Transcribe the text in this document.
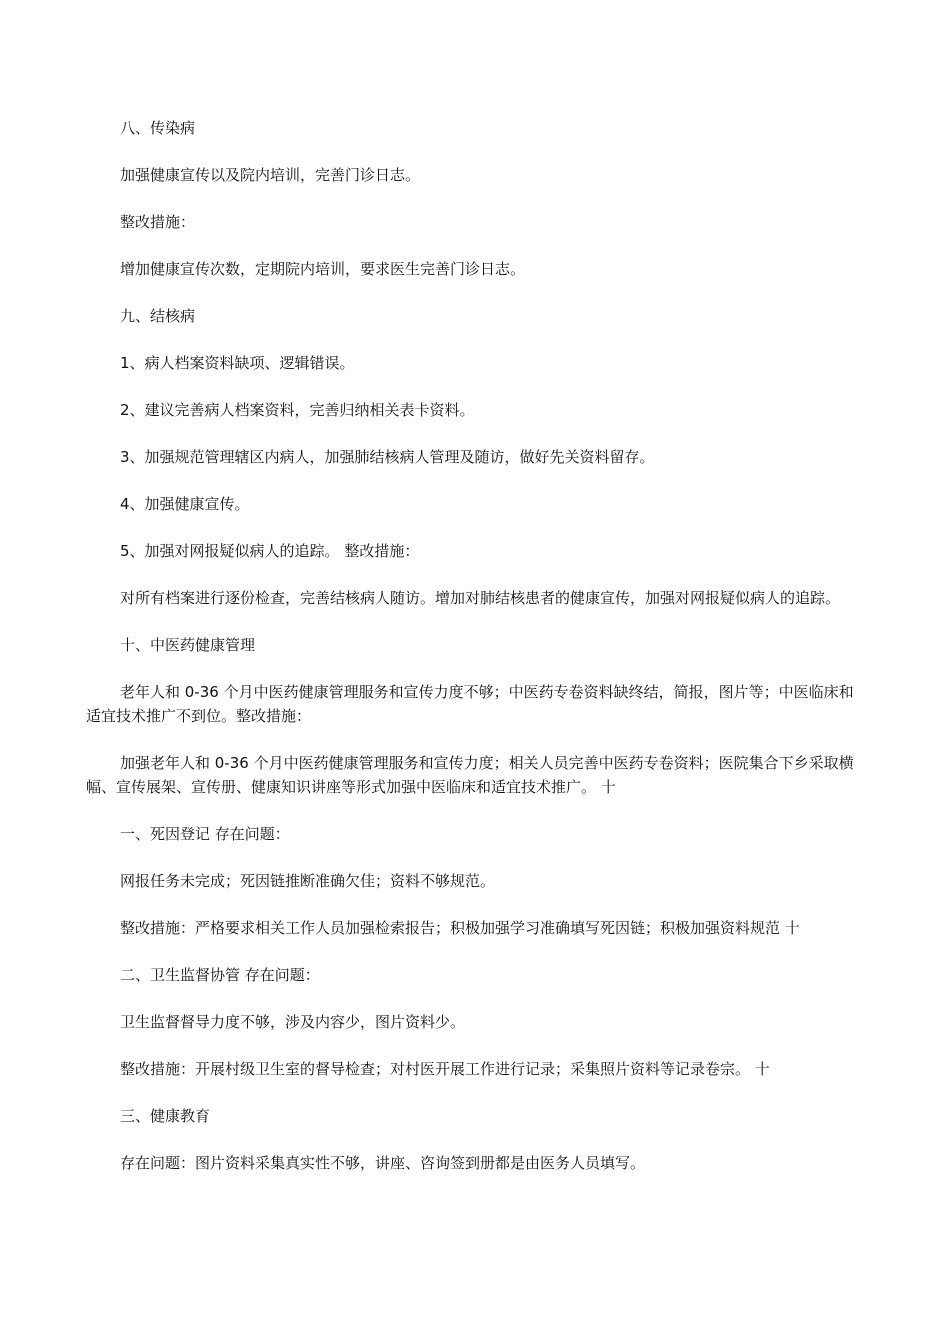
八、传染病

加强健康宣传以及院内培训，完善门诊日志。

整改措施：

增加健康宣传次数，定期院内培训，要求医生完善门诊日志。

九、结核病

1、病人档案资料缺项、逻辑错误。

2、建议完善病人档案资料，完善归纳相关表卡资料。

3、加强规范管理辖区内病人，加强肺结核病人管理及随访，做好先关资料留存。

4、加强健康宣传。

5、加强对网报疑似病人的追踪。 整改措施：

对所有档案进行逐份检查，完善结核病人随访。增加对肺结核患者的健康宣传，加强对网报疑似病人的追踪。

十、中医药健康管理

老年人和 0-36 个月中医药健康管理服务和宣传力度不够；中医药专卷资料缺终结，简报，图片等；中医临床和适宜技术推广不到位。整改措施：

加强老年人和 0-36 个月中医药健康管理服务和宣传力度；相关人员完善中医药专卷资料；医院集合下乡采取横幅、宣传展架、宣传册、健康知识讲座等形式加强中医临床和适宜技术推广。 十

一、死因登记 存在问题：

网报任务未完成；死因链推断准确欠佳；资料不够规范。

整改措施：严格要求相关工作人员加强检索报告；积极加强学习准确填写死因链；积极加强资料规范 十

二、卫生监督协管 存在问题：

卫生监督督导力度不够，涉及内容少，图片资料少。

整改措施：开展村级卫生室的督导检查；对村医开展工作进行记录；采集照片资料等记录卷宗。 十

三、健康教育

存在问题：图片资料采集真实性不够，讲座、咨询签到册都是由医务人员填写。
